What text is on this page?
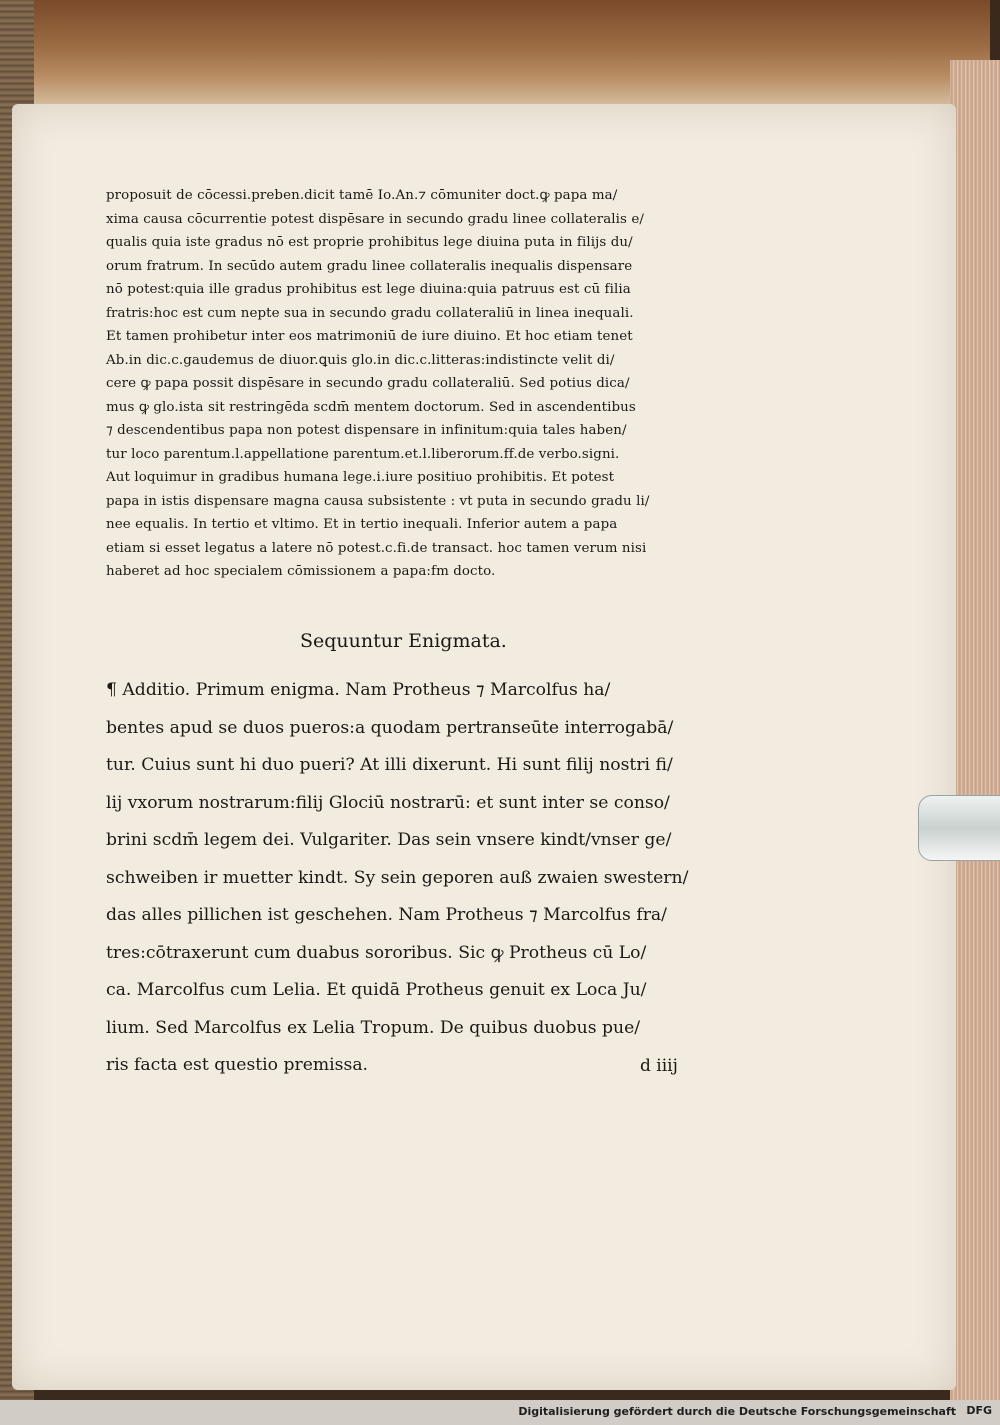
proposuit de cōcessi.preben.dicit tamē Io.An.⁊ cōmuniter doct.ꝙ papa ma/
xima causa cōcurrentie potest dispēsare in secundo gradu linee collateralis e/
qualis quia iste gradus nō est proprie prohibitus lege diuina puta in filijs du/
orum fratrum. In secūdo autem gradu linee collateralis inequalis dispensare
nō potest:quia ille gradus prohibitus est lege diuina:quia patruus est cū filia
fratris:hoc est cum nepte sua in secundo gradu collateraliū in linea inequali.
Et tamen prohibetur inter eos matrimoniū de iure diuino. Et hoc etiam tenet
Ab.in dic.c.gaudemus de diuor.ꝗuis glo.in dic.c.litteras:indistincte velit di/
cere ꝙ papa possit dispēsare in secundo gradu collateraliū. Sed potius dica/
mus ꝙ glo.ista sit restringēda scdm̄ mentem doctorum. Sed in ascendentibus
⁊ descendentibus papa non potest dispensare in infinitum:quia tales haben/
tur loco parentum.l.appellatione parentum.et.l.liberorum.ff.de verbo.signi.
Aut loquimur in gradibus humana lege.i.iure positiuo prohibitis. Et potest
papa in istis dispensare magna causa subsistente : vt puta in secundo gradu li/
nee equalis. In tertio et vltimo. Et in tertio inequali. Inferior autem a papa
etiam si esset legatus a latere nō potest.c.fi.de transact. hoc tamen verum nisi
haberet ad hoc specialem cōmissionem a papa:fm docto.
Sequuntur Enigmata.
¶ Additio. Primum enigma. Nam Protheus ⁊ Marcolfus ha/
bentes apud se duos pueros:a quodam pertranseūte interrogabā/
tur. Cuius sunt hi duo pueri? At illi dixerunt. Hi sunt filij nostri fi/
lij vxorum nostrarum:filij Glociū nostrarū: et sunt inter se conso/
brini scdm̄ legem dei. Vulgariter. Das sein vnsere kindt/vnser ge/
schweiben ir muetter kindt. Sy sein geporen auß zwaien swestern/
das alles pillichen ist geschehen. Nam Protheus ⁊ Marcolfus fra/
tres:cōtraxerunt cum duabus sororibus. Sic ꝙ Protheus cū Lo/
ca. Marcolfus cum Lelia. Et quidā Protheus genuit ex Loca Ju/
lium. Sed Marcolfus ex Lelia Tropum. De quibus duobus pue/
ris facta est questio premissa.	d iiij
Digitalisierung gefördert durch die Deutsche Forschungsgemeinschaft DFG
